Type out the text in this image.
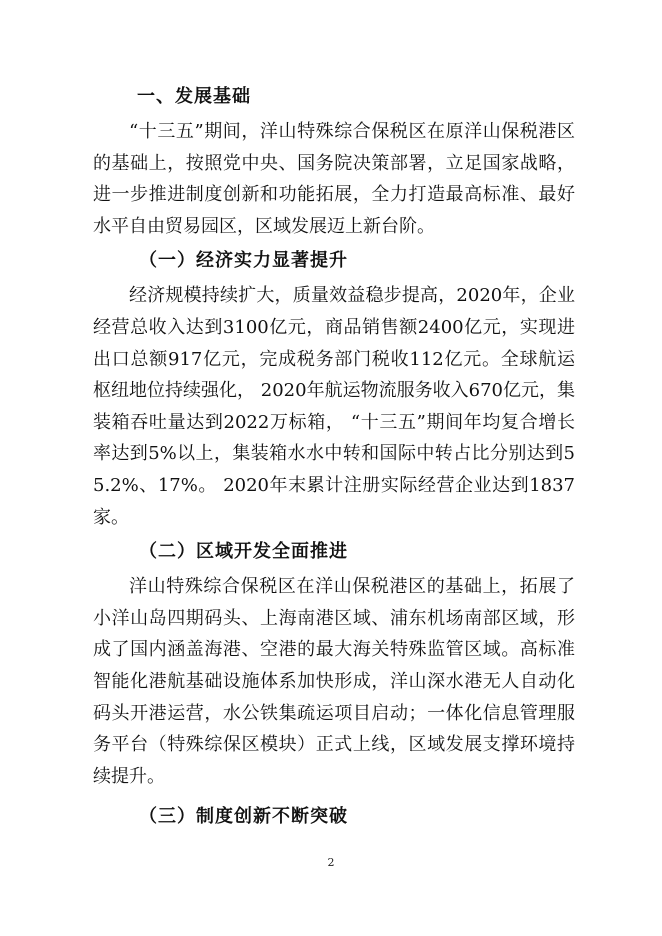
一、发展基础

“十三五”期间，洋山特殊综合保税区在原洋山保税港区的基础上，按照党中央、国务院决策部署，立足国家战略，进一步推进制度创新和功能拓展，全力打造最高标准、最好水平自由贸易园区，区域发展迈上新台阶。

（一）经济实力显著提升

经济规模持续扩大，质量效益稳步提高，2020年，企业经营总收入达到3100亿元，商品销售额2400亿元，实现进出口总额917亿元，完成税务部门税收112亿元。全球航运枢纽地位持续强化， 2020年航运物流服务收入670亿元，集装箱吞吐量达到2022万标箱， “十三五”期间年均复合增长率达到5%以上，集装箱水水中转和国际中转占比分别达到55.2%、17%。 2020年末累计注册实际经营企业达到1837家。

（二）区域开发全面推进

洋山特殊综合保税区在洋山保税港区的基础上，拓展了小洋山岛四期码头、上海南港区域、浦东机场南部区域，形成了国内涵盖海港、空港的最大海关特殊监管区域。高标准智能化港航基础设施体系加快形成，洋山深水港无人自动化码头开港运营，水公铁集疏运项目启动；一体化信息管理服务平台（特殊综保区模块）正式上线，区域发展支撑环境持续提升。

（三）制度创新不断突破
2
